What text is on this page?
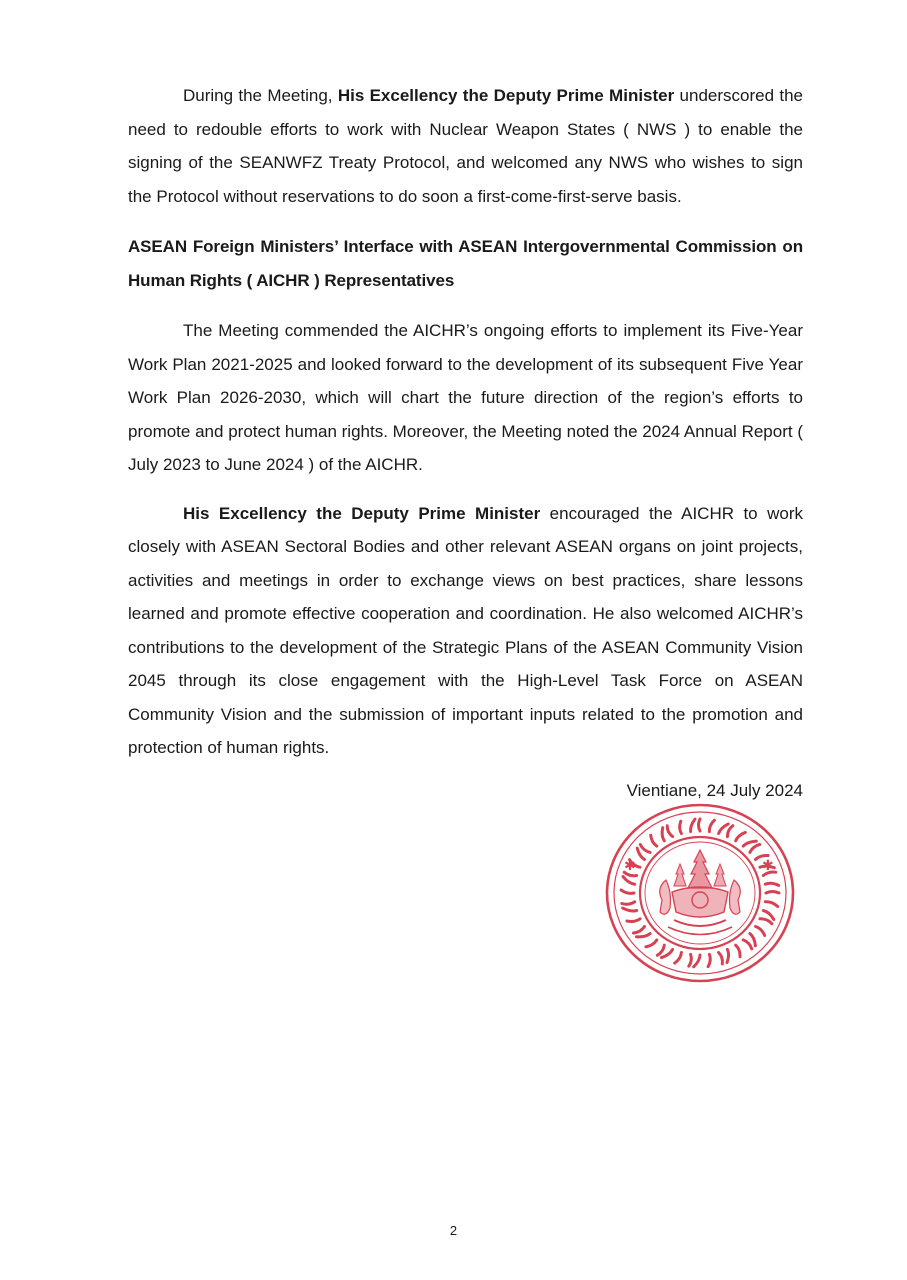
During the Meeting, His Excellency the Deputy Prime Minister underscored the need to redouble efforts to work with Nuclear Weapon States ( NWS ) to enable the signing of the SEANWFZ Treaty Protocol, and welcomed any NWS who wishes to sign the Protocol without reservations to do soon a first-come-first-serve basis.

ASEAN Foreign Ministers’ Interface with ASEAN Intergovernmental Commission on Human Rights ( AICHR ) Representatives

The Meeting commended the AICHR’s ongoing efforts to implement its Five-Year Work Plan 2021-2025 and looked forward to the development of its subsequent Five Year Work Plan 2026-2030, which will chart the future direction of the region’s efforts to promote and protect human rights. Moreover, the Meeting noted the 2024 Annual Report ( July 2023 to June 2024 ) of the AICHR.

His Excellency the Deputy Prime Minister encouraged the AICHR to work closely with ASEAN Sectoral Bodies and other relevant ASEAN organs on joint projects, activities and meetings in order to exchange views on best practices, share lessons learned and promote effective cooperation and coordination. He also welcomed AICHR’s contributions to the development of the Strategic Plans of the ASEAN Community Vision 2045 through its close engagement with the High-Level Task Force on ASEAN Community Vision and the submission of important inputs related to the promotion and protection of human rights.

Vientiane, 24 July 2024
✱	✱
2
